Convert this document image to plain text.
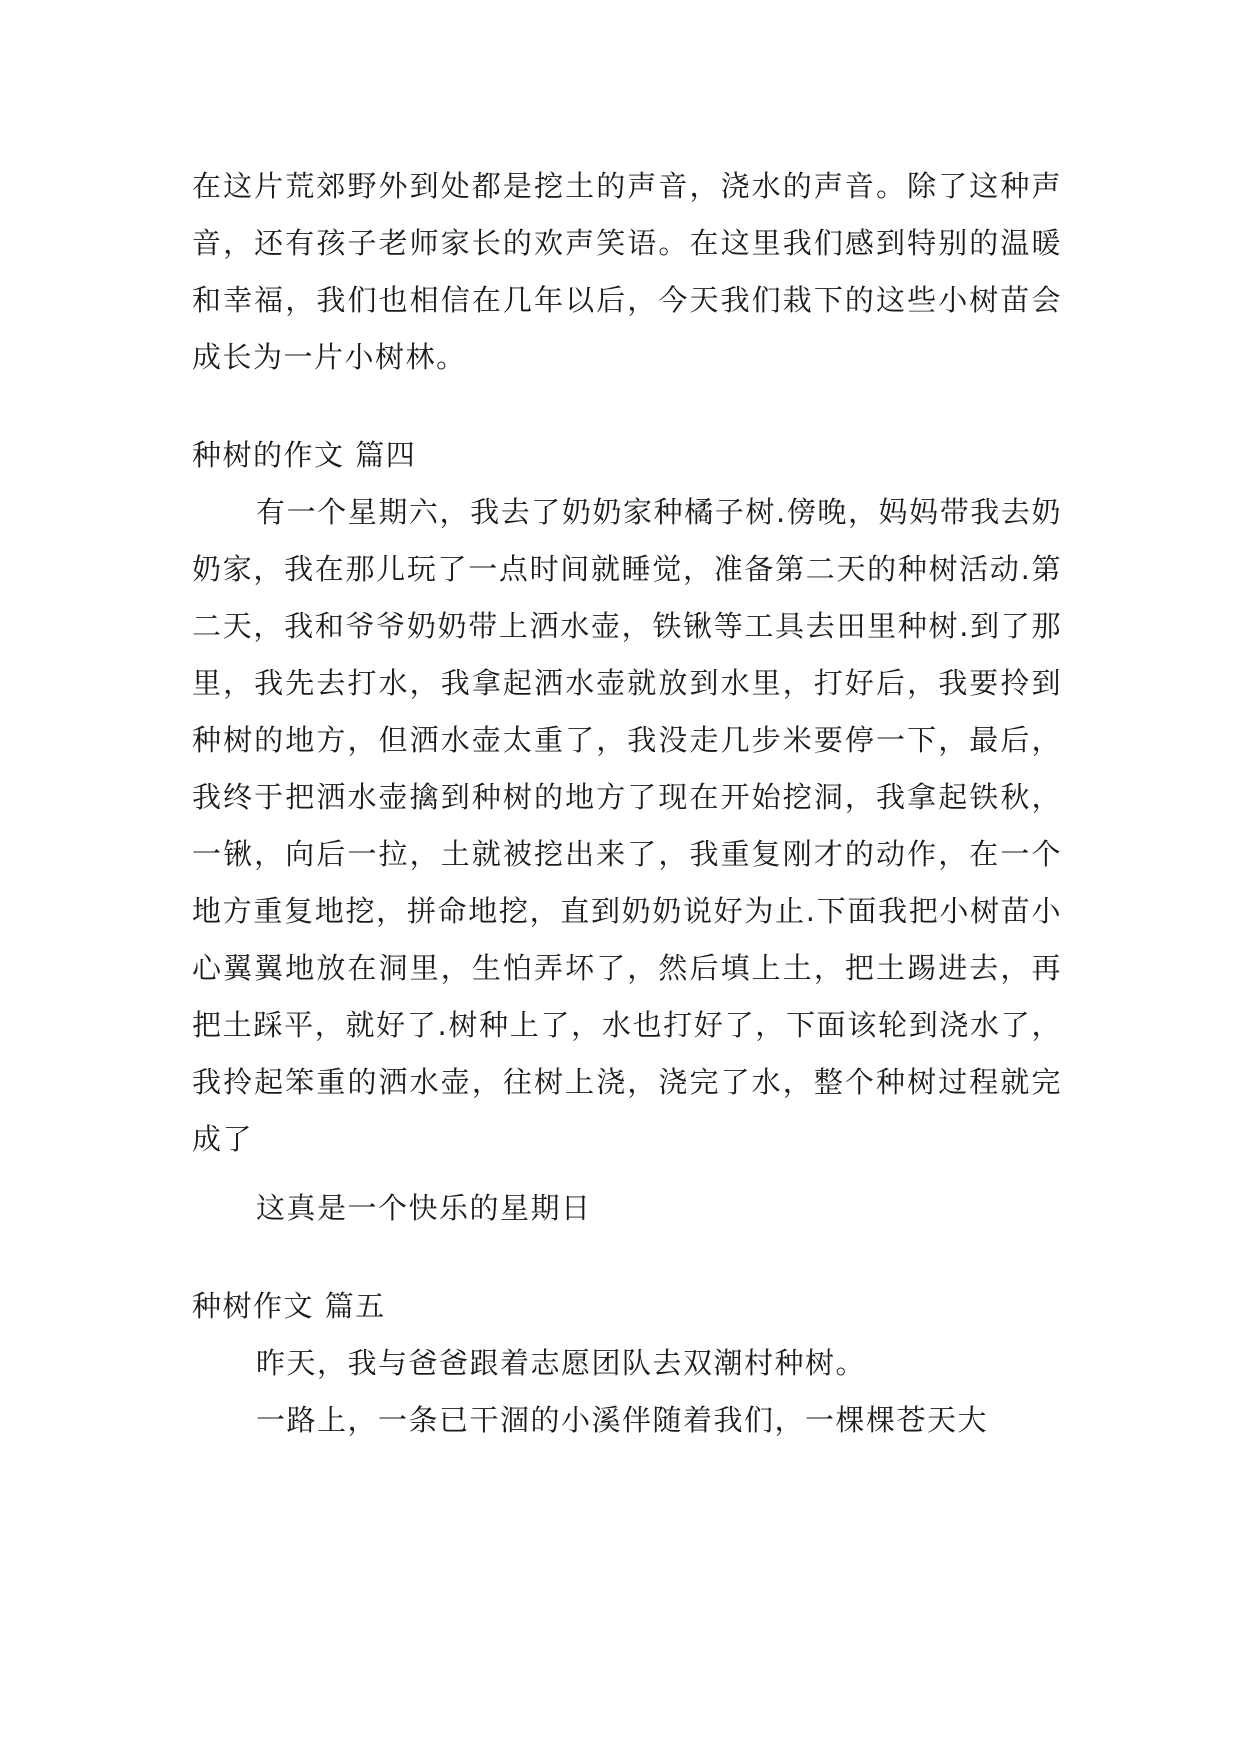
在这片荒郊野外到处都是挖土的声音，浇水的声音。除了这种声音，还有孩子老师家长的欢声笑语。在这里我们感到特别的温暖和幸福，我们也相信在几年以后，今天我们栽下的这些小树苗会成长为一片小树林。

种树的作文 篇四

有一个星期六，我去了奶奶家种橘子树.傍晚，妈妈带我去奶奶家，我在那儿玩了一点时间就睡觉，准备第二天的种树活动.第二天，我和爷爷奶奶带上洒水壶，铁锹等工具去田里种树.到了那里，我先去打水，我拿起洒水壶就放到水里，打好后，我要拎到种树的地方，但洒水壶太重了，我没走几步米要停一下，最后，我终于把洒水壶擒到种树的地方了现在开始挖洞，我拿起铁秋，一锹，向后一拉，土就被挖出来了，我重复刚才的动作，在一个地方重复地挖，拼命地挖，直到奶奶说好为止.下面我把小树苗小心翼翼地放在洞里，生怕弄坏了，然后填上土，把土踢进去，再把土踩平，就好了.树种上了，水也打好了，下面该轮到浇水了，我拎起笨重的洒水壶，往树上浇，浇完了水，整个种树过程就完成了

这真是一个快乐的星期日

种树作文 篇五

昨天，我与爸爸跟着志愿团队去双潮村种树。

一路上，一条已干涸的小溪伴随着我们，一棵棵苍天大
